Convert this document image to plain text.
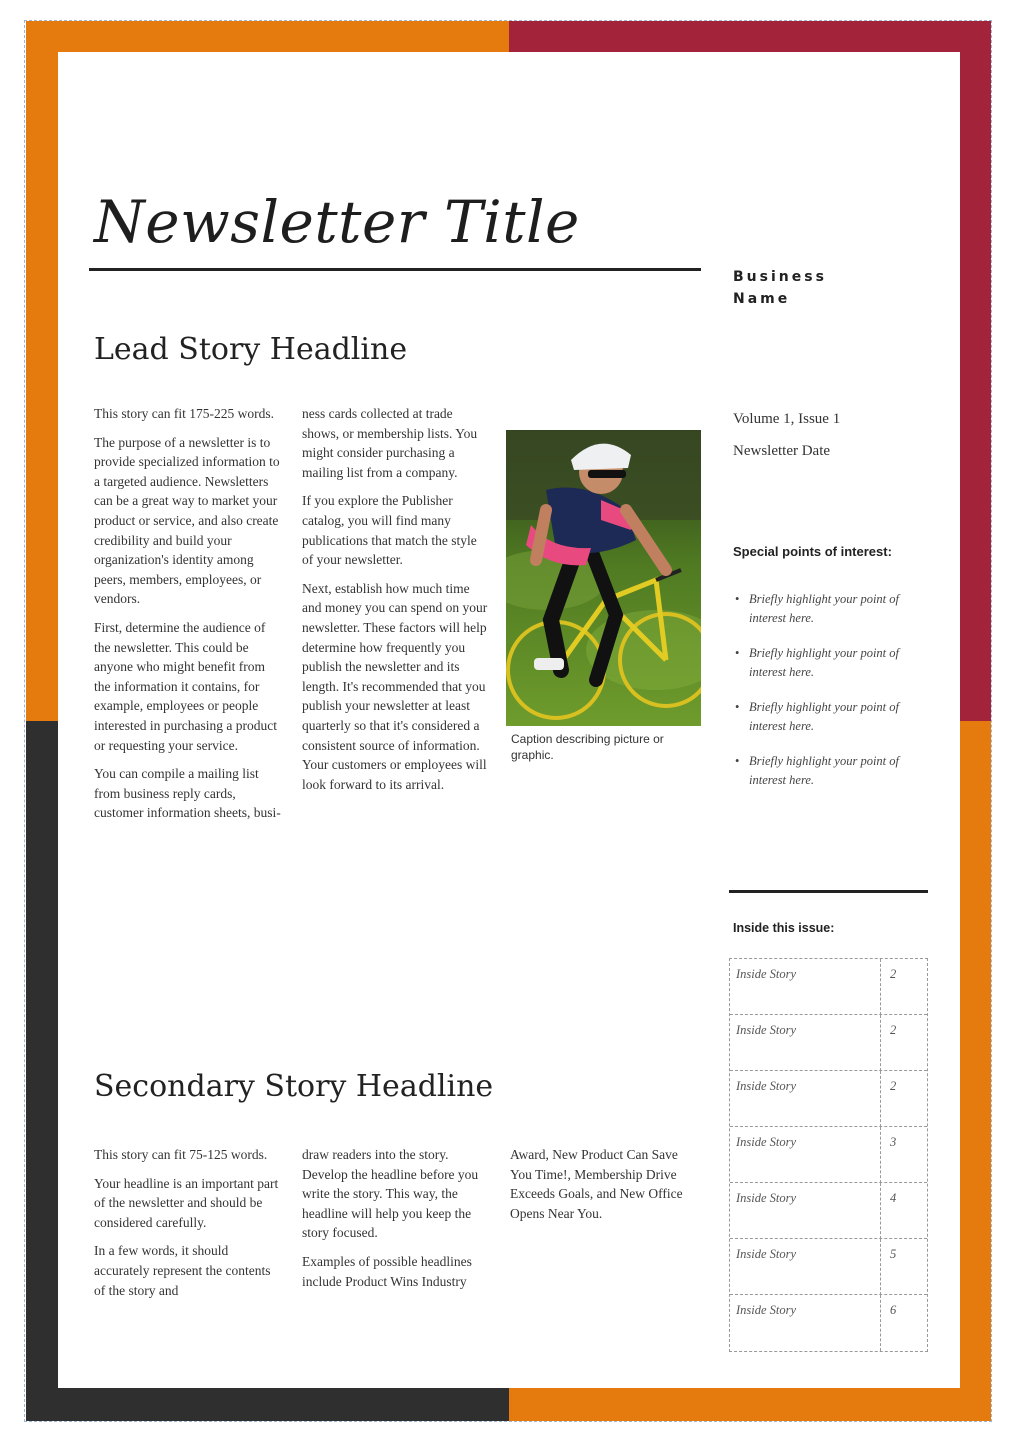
Newsletter Title
Business Name
Lead Story Headline

This story can fit 175-225 words.

The purpose of a newsletter is to provide specialized information to a targeted audience. Newsletters can be a great way to market your product or service, and also create credibility and build your organization's identity among peers, members, employees, or vendors.

First, determine the audience of the newsletter. This could be anyone who might benefit from the information it contains, for example, employees or people interested in purchasing a product or requesting your service.

You can compile a mailing list from business reply cards, customer information sheets, busi-

ness cards collected at trade shows, or membership lists. You might consider purchasing a mailing list from a company.

If you explore the Publisher catalog, you will find many publications that match the style of your newsletter.

Next, establish how much time and money you can spend on your newsletter. These factors will help determine how frequently you publish the newsletter and its length. It's recommended that you publish your newsletter at least quarterly so that it's considered a consistent source of information. Your customers or employees will look forward to its arrival.

Caption describing picture or graphic.
Volume 1, Issue 1
Newsletter Date
Special points of interest:
• Briefly highlight your point of interest here.
• Briefly highlight your point of interest here.
• Briefly highlight your point of interest here.
• Briefly highlight your point of interest here.
Inside this issue:
Inside Story	2
Inside Story	2
Inside Story	2
Inside Story	3
Inside Story	4
Inside Story	5
Inside Story	6
Secondary Story Headline

This story can fit 75-125 words.

Your headline is an important part of the newsletter and should be considered carefully.

In a few words, it should accurately represent the contents of the story and

draw readers into the story. Develop the headline before you write the story. This way, the headline will help you keep the story focused.

Examples of possible headlines include Product Wins Industry

Award, New Product Can Save You Time!, Membership Drive Exceeds Goals, and New Office Opens Near You.
